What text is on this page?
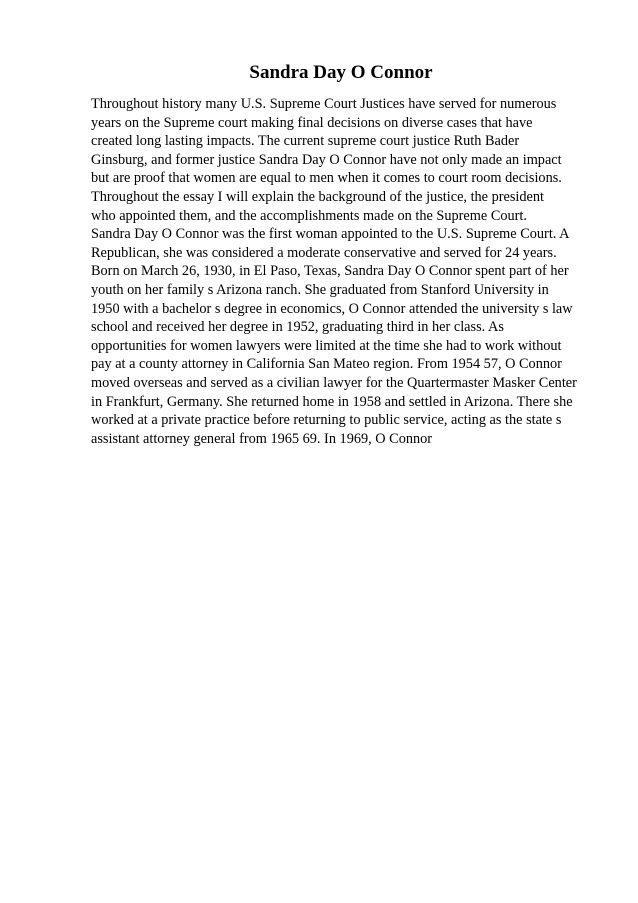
Sandra Day O Connor
Throughout history many U.S. Supreme Court Justices have served for numerous
years on the Supreme court making final decisions on diverse cases that have
created long lasting impacts. The current supreme court justice Ruth Bader
Ginsburg, and former justice Sandra Day O Connor have not only made an impact
but are proof that women are equal to men when it comes to court room decisions.
Throughout the essay I will explain the background of the justice, the president
who appointed them, and the accomplishments made on the Supreme Court.
Sandra Day O Connor was the first woman appointed to the U.S. Supreme Court. A
Republican, she was considered a moderate conservative and served for 24 years.
Born on March 26, 1930, in El Paso, Texas, Sandra Day O Connor spent part of her
youth on her family s Arizona ranch. She graduated from Stanford University in
1950 with a bachelor s degree in economics, O Connor attended the university s law
school and received her degree in 1952, graduating third in her class. As
opportunities for women lawyers were limited at the time she had to work without
pay at a county attorney in California San Mateo region. From 1954 57, O Connor
moved overseas and served as a civilian lawyer for the Quartermaster Masker Center
in Frankfurt, Germany. She returned home in 1958 and settled in Arizona. There she
worked at a private practice before returning to public service, acting as the state s
assistant attorney general from 1965 69. In 1969, O Connor
